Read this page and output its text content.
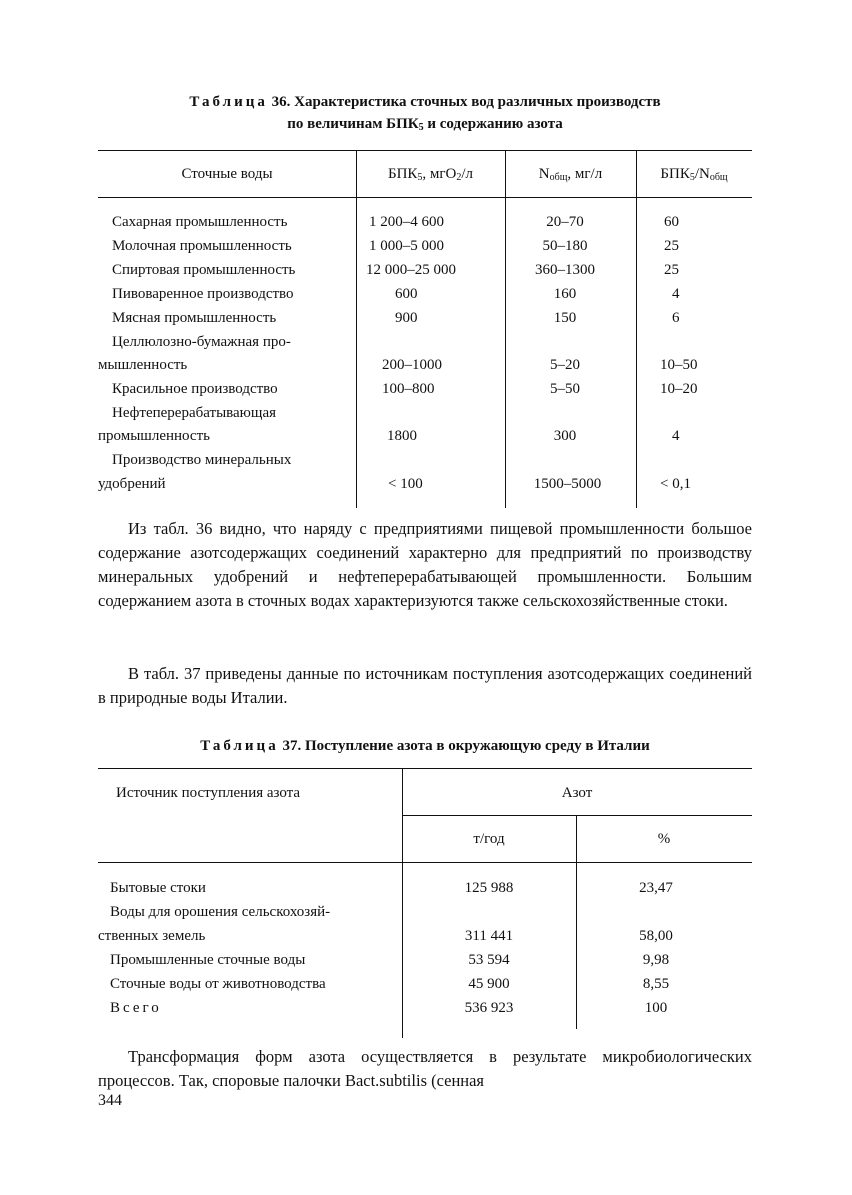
Таблица 36. Характеристика сточных вод различных производств
по величинам $БПК_5$ и содержанию азота
Сточные воды	$БПК_5$, мгО$_2$/л	$N_{общ}$, мг/л	$БПК_5/N_{общ}$
Сахарная промышленность	1 200–4 600	20–70	60
Молочная промышленность	1 000–5 000	50–180	25
Спиртовая промышленность	12 000–25 000	360–1300	25
Пивоваренное производство	600	160	4
Мясная промышленность	900	150	6
Целлюлозно-бумажная про-
мышленность	200–1000	5–20	10–50
Красильное производство	100–800	5–50	10–20
Нефтеперерабатывающая
промышленность	1800	300	4
Производство минеральных
удобрений	< 100	1500–5000	< 0,1
Из табл. 36 видно, что наряду с предприятиями пищевой промышленности большое содержание азотсодержащих соединений характерно для предприятий по производству минеральных удобрений и нефтеперерабатывающей промышленности. Большим содержанием азота в сточных водах характеризуются также сельскохозяйственные стоки.
В табл. 37 приведены данные по источникам поступления азотсодержащих соединений в природные воды Италии.
Таблица 37. Поступление азота в окружающую среду в Италии
Источник поступления азота	Азот
т/год	%
Бытовые стоки	125 988	23,47
Воды для орошения сельскохозяй-
ственных земель	311 441	58,00
Промышленные сточные воды	53 594	9,98
Сточные воды от животноводства	45 900	8,55
Всего	536 923	100
Трансформация форм азота осуществляется в результате микробиологических процессов. Так, споровые палочки Bact.subtilis (сенная
344
